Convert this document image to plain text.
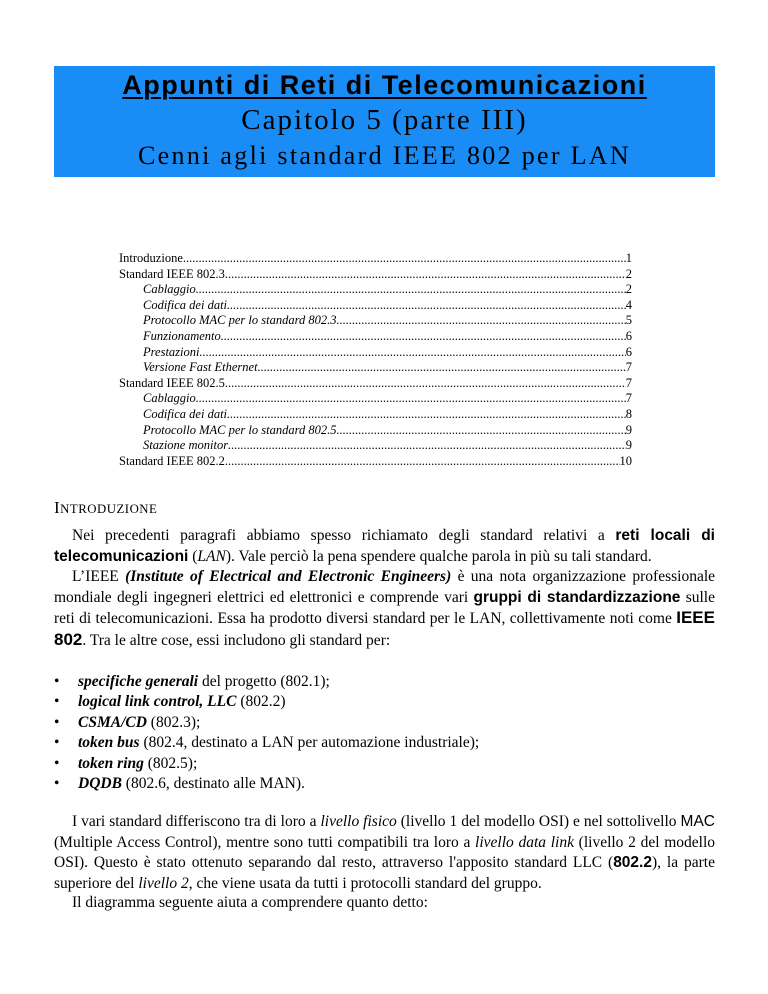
Appunti di Reti di Telecomunicazioni
Capitolo 5 (parte III)
Cenni agli standard IEEE 802 per LAN
Introduzione .....	1
Standard IEEE 802.3 .....	2
Cablaggio .....	2
Codifica dei dati .....	4
Protocollo MAC per lo standard 802.3 .....	5
Funzionamento .....	6
Prestazioni .....	6
Versione Fast Ethernet .....	7
Standard IEEE 802.5 .....	7
Cablaggio .....	7
Codifica dei dati .....	8
Protocollo MAC per lo standard 802.5 .....	9
Stazione monitor .....	9
Standard IEEE 802.2 .....	10
INTRODUZIONE
Nei precedenti paragrafi abbiamo spesso richiamato degli standard relativi a reti locali di telecomunicazioni (LAN). Vale perciò la pena spendere qualche parola in più su tali standard.
L’IEEE (Institute of Electrical and Electronic Engineers) è una nota organizzazione professionale mondiale degli ingegneri elettrici ed elettronici e comprende vari gruppi di standardizzazione sulle reti di telecomunicazioni. Essa ha prodotto diversi standard per le LAN, collettivamente noti come IEEE 802. Tra le altre cose, essi includono gli standard per:
•	specifiche generali del progetto (802.1);
•	logical link control, LLC (802.2)
•	CSMA/CD (802.3);
•	token bus (802.4, destinato a LAN per automazione industriale);
•	token ring (802.5);
•	DQDB (802.6, destinato alle MAN).
I vari standard differiscono tra di loro a livello fisico (livello 1 del modello OSI) e nel sottolivello MAC (Multiple Access Control), mentre sono tutti compatibili tra loro a livello data link (livello 2 del modello OSI). Questo è stato ottenuto separando dal resto, attraverso l'apposito standard LLC (802.2), la parte superiore del livello 2, che viene usata da tutti i protocolli standard del gruppo.
Il diagramma seguente aiuta a comprendere quanto detto:
